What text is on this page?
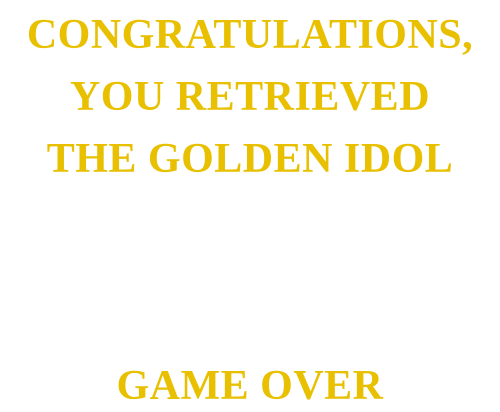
CONGRATULATIONS,
YOU RETRIEVED
THE GOLDEN IDOL
GAME OVER
